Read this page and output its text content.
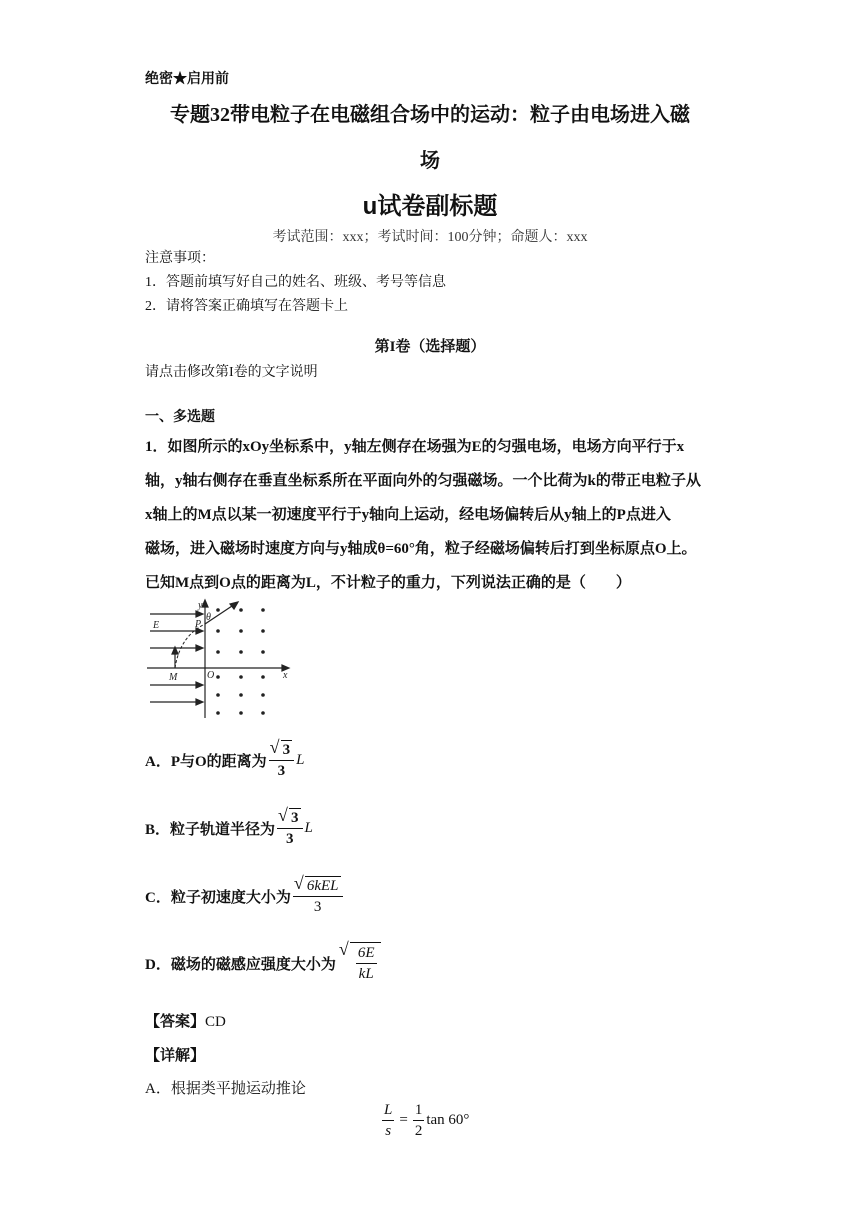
绝密★启用前
专题32带电粒子在电磁组合场中的运动：粒子由电场进入磁
场
u试卷副标题
考试范围：xxx；考试时间：100分钟；命题人：xxx
注意事项：
1．答题前填写好自己的姓名、班级、考号等信息
2．请将答案正确填写在答题卡上
第I卷（选择题）
请点击修改第I卷的文字说明
一、多选题
1．如图所示的xOy坐标系中，y轴左侧存在场强为E的匀强电场，电场方向平行于x
轴，y轴右侧存在垂直坐标系所在平面向外的匀强磁场。一个比荷为k的带正电粒子从
x轴上的M点以某一初速度平行于y轴向上运动，经电场偏转后从y轴上的P点进入
磁场，进入磁场时速度方向与y轴成θ=60°角，粒子经磁场偏转后打到坐标原点O上。
已知M点到O点的距离为L，不计粒子的重力，下列说法正确的是（　　）
y
θ
P
E
O
M	x
A．P与O的距离为 √ $\frac{3}{3}$ L
B．粒子轨道半径为 √ $\frac{3}{3}$ L
C．粒子初速度大小为 √ $\frac{\text{6kEL}}{3}$
D．磁场的磁感应强度大小为 √ $\frac{6E}{kL}$
【答案】CD
【详解】
A．根据类平抛运动推论
$\frac{L}{s} = \frac{1}{2}$ tan 60°
